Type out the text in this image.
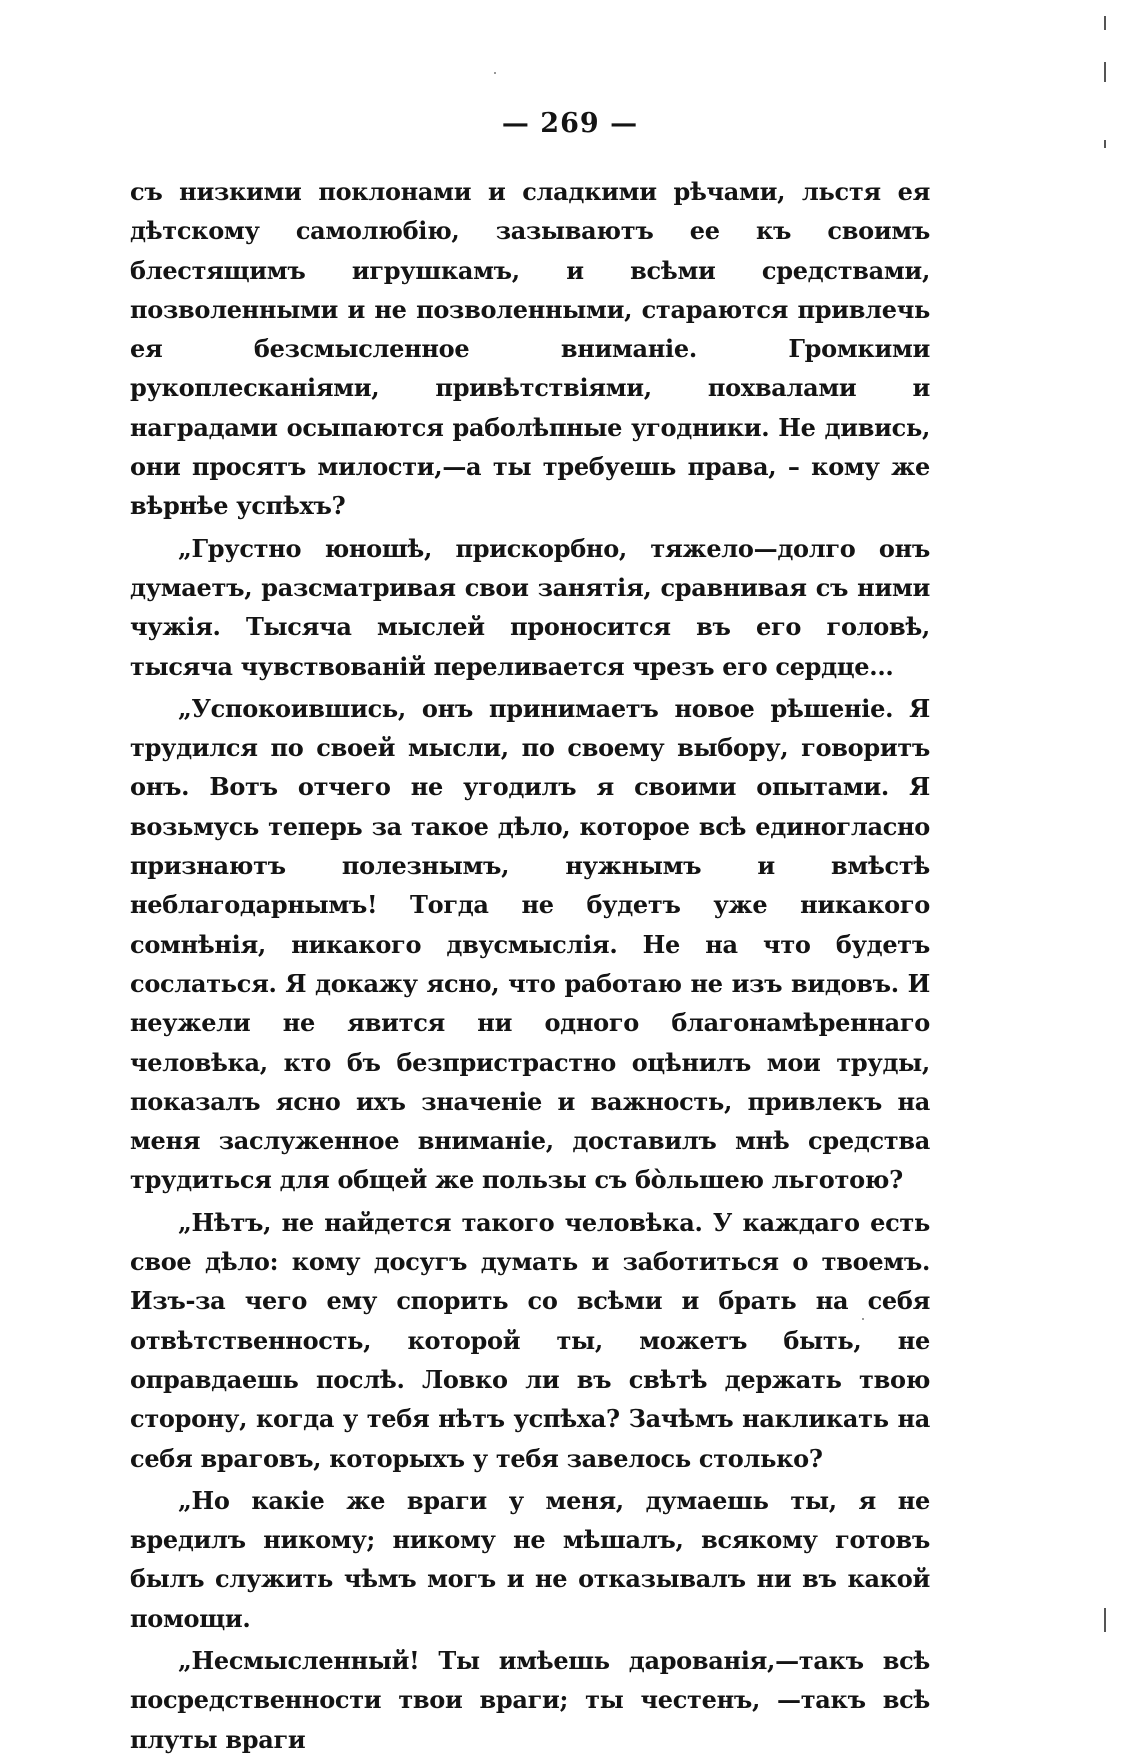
— 269 —

съ низкими поклонами и сладкими рѣчами, льстя ея дѣтскому самолюбію, зазываютъ ее къ своимъ блестящимъ игрушкамъ, и всѣми средствами, позволенными и не позволенными, стараются привлечь ея безсмысленное вниманіе. Громкими рукоплесканіями, привѣтствіями, похвалами и наградами осыпаются раболѣпные угодники. Не дивись, они просятъ милости,—а ты требуешь права, – кому же вѣрнѣе успѣхъ?

„Грустно юношѣ, прискорбно, тяжело—долго онъ думаетъ, разсматривая свои занятія, сравнивая съ ними чужія. Тысяча мыслей проносится въ его головѣ, тысяча чувствованій переливается чрезъ его сердце...

„Успокоившись, онъ принимаетъ новое рѣшеніе. Я трудился по своей мысли, по своему выбору, говоритъ онъ. Вотъ отчего не угодилъ я своими опытами. Я возьмусь теперь за такое дѣло, которое всѣ единогласно признаютъ полезнымъ, нужнымъ и вмѣстѣ неблагодарнымъ! Тогда не будетъ уже никакого сомнѣнія, никакого двусмыслія. Не на что будетъ сослаться. Я докажу ясно, что работаю не изъ видовъ. И неужели не явится ни одного благонамѣреннаго человѣка, кто бъ безпристрастно оцѣнилъ мои труды, показалъ ясно ихъ значеніе и важность, привлекъ на меня заслуженное вниманіе, доставилъ мнѣ средства трудиться для общей же пользы съ бо̀льшею льготою?

„Нѣтъ, не найдется такого человѣка. У каждаго есть свое дѣло: кому досугъ думать и заботиться о твоемъ. Изъ-за чего ему спорить со всѣми и брать на себя отвѣтственность, которой ты, можетъ быть, не оправдаешь послѣ. Ловко ли въ свѣтѣ держать твою сторону, когда у тебя нѣтъ успѣха? Зачѣмъ накликать на себя враговъ, которыхъ у тебя завелось столько?

„Но какіе же враги у меня, думаешь ты, я не вредилъ никому; никому не мѣшалъ, всякому готовъ былъ служить чѣмъ могъ и не отказывалъ ни въ какой помощи.

„Несмысленный! Ты имѣешь дарованія,—такъ всѣ посредственности твои враги; ты честенъ, —такъ всѣ плуты враги
